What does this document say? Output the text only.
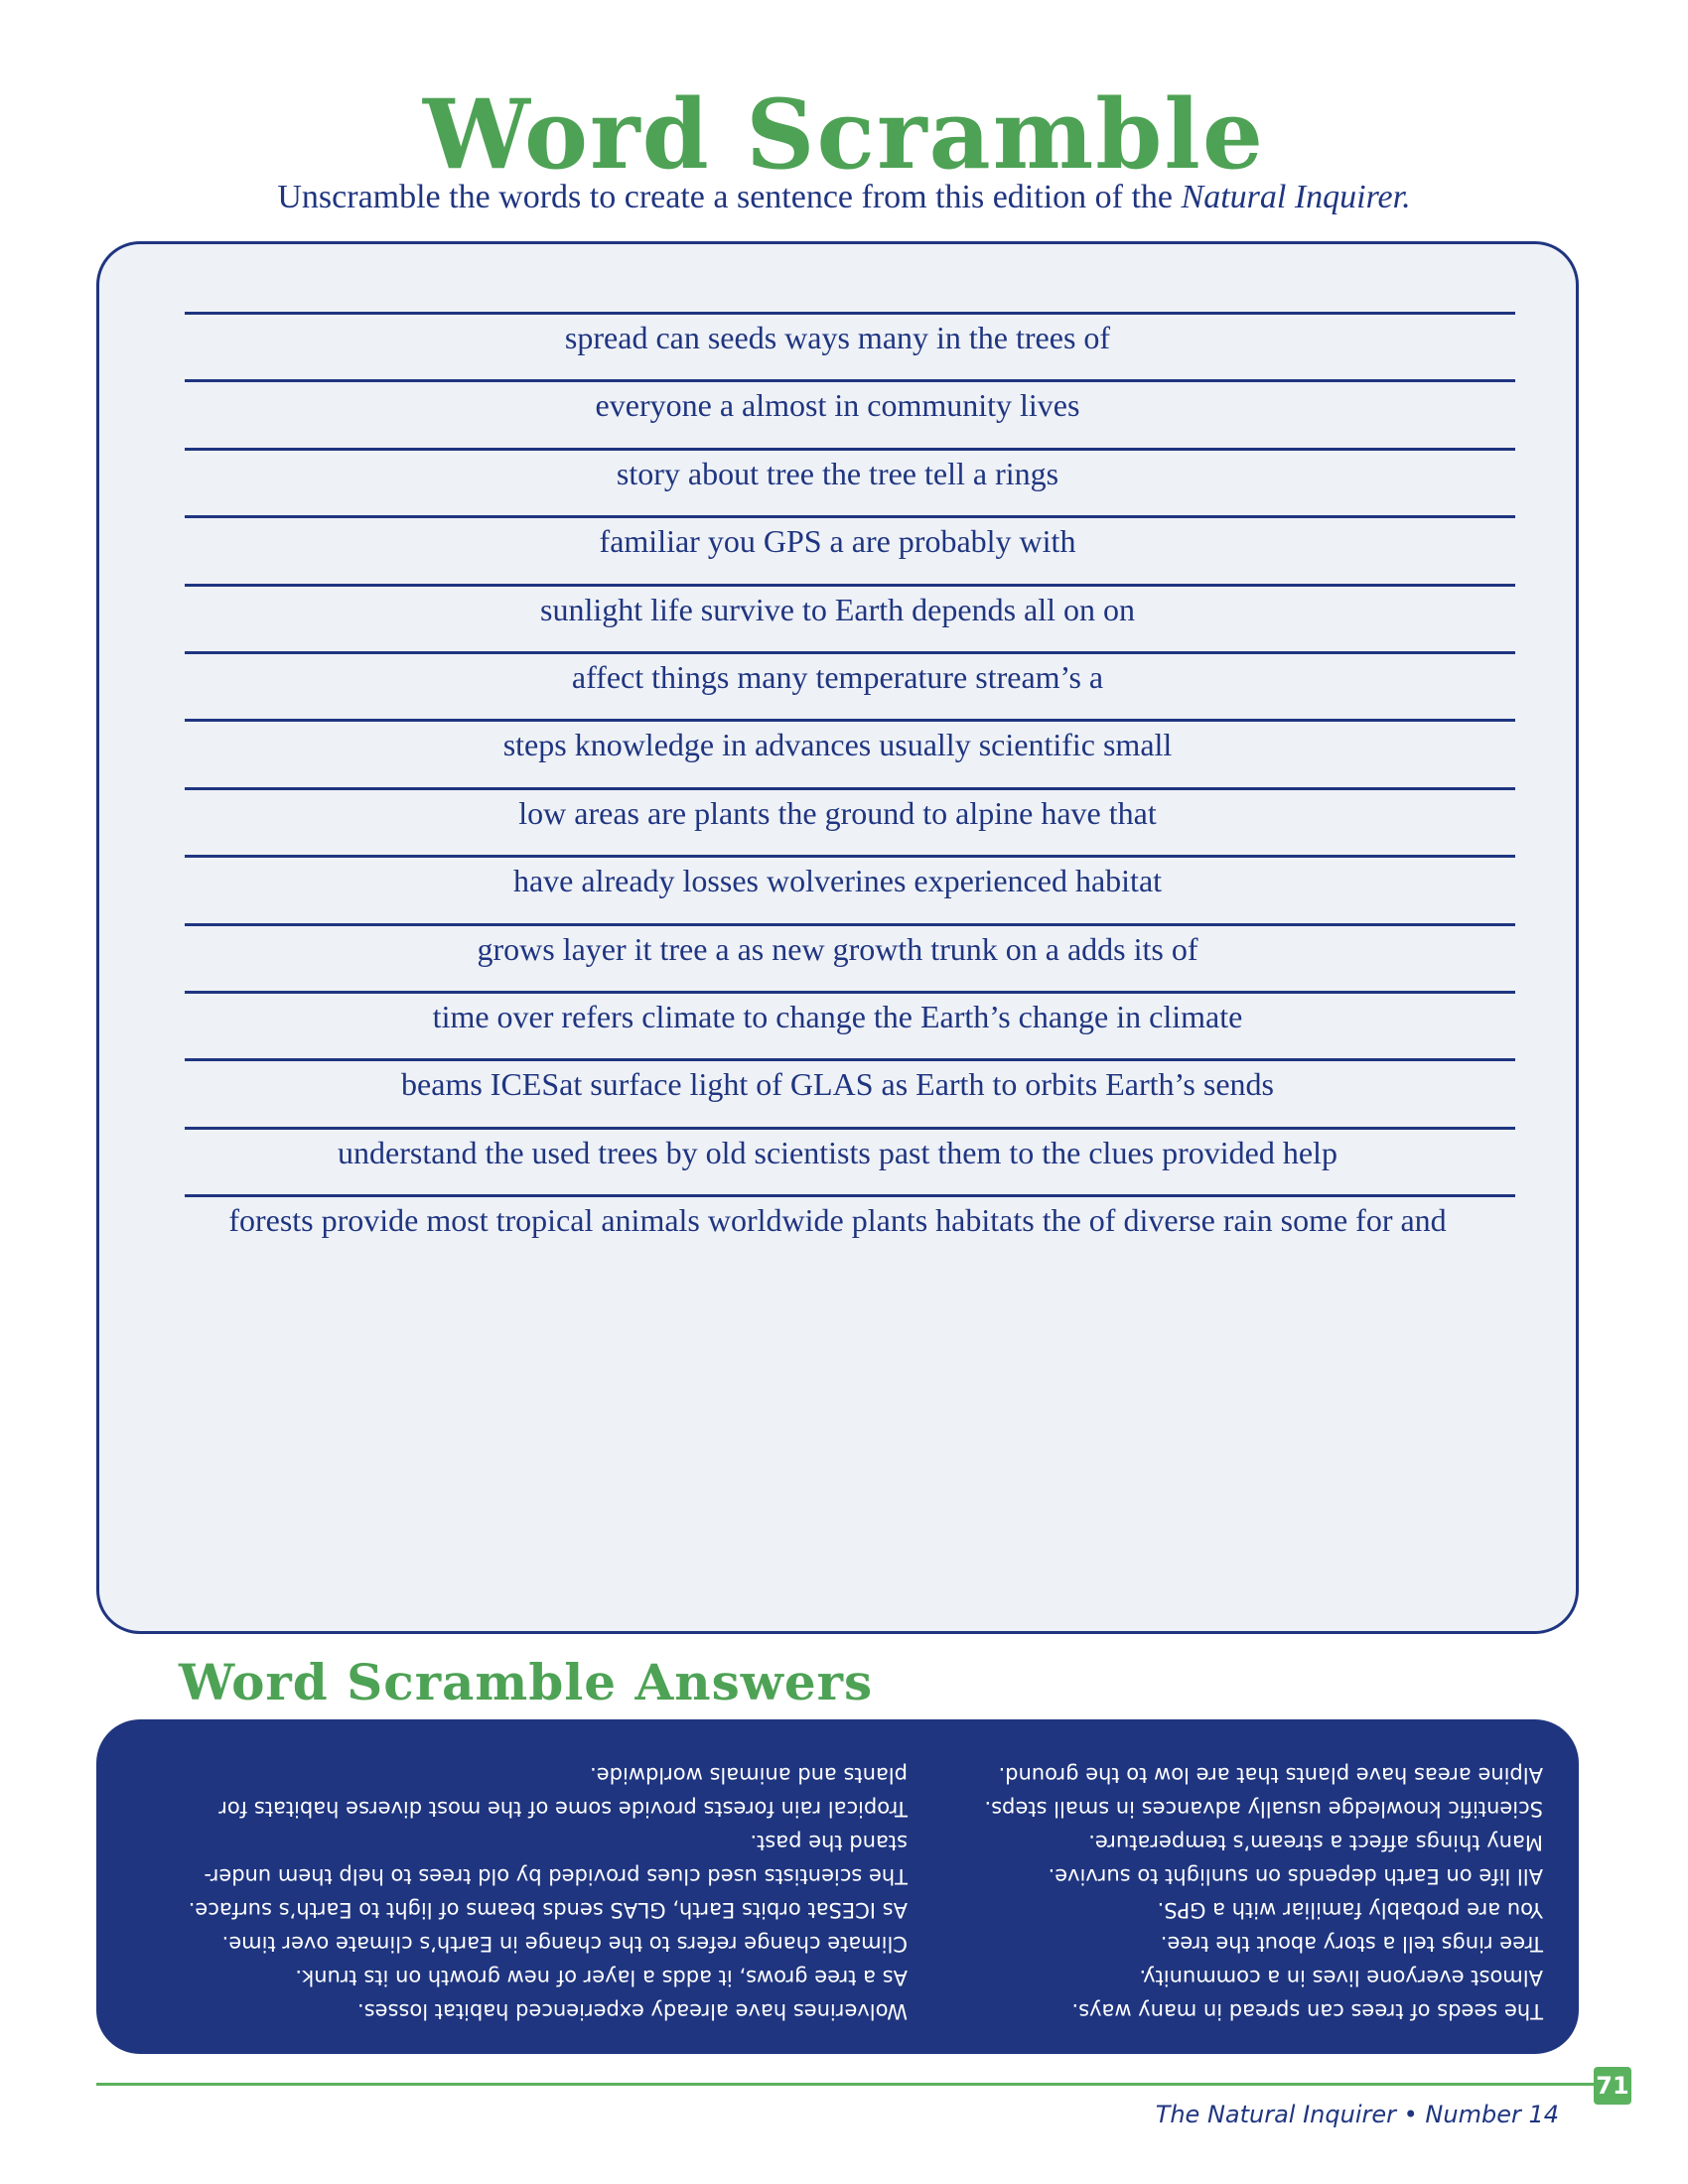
Word Scramble

Unscramble the words to create a sentence from this edition of the Natural Inquirer.

spread can seeds ways many in the trees of
everyone a almost in community lives
story about tree the tree tell a rings
familiar you GPS a are probably with
sunlight life survive to Earth depends all on on
affect things many temperature stream’s a
steps knowledge in advances usually scientific small
low areas are plants the ground to alpine have that
have already losses wolverines experienced habitat
grows layer it tree a as new growth trunk on a adds its of
time over refers climate to change the Earth’s change in climate
beams ICESat surface light of GLAS as Earth to orbits Earth’s sends
understand the used trees by old scientists past them to the clues provided help
forests provide most tropical animals worldwide plants habitats the of diverse rain some for and
Word Scramble Answers
The seeds of trees can spread in many ways.
Almost everyone lives in a community.
Tree rings tell a story about the tree.
You are probably familiar with a GPS.
All life on Earth depends on sunlight to survive.
Many things affect a stream’s temperature.
Scientific knowledge usually advances in small steps.
Alpine areas have plants that are low to the ground.
Wolverines have already experienced habitat losses.
As a tree grows, it adds a layer of new growth on its trunk.
Climate change refers to the change in Earth’s climate over time.
As ICESat orbits Earth, GLAS sends beams of light to Earth’s surface.
The scientists used clues provided by old trees to help them under-
stand the past.
Tropical rain forests provide some of the most diverse habitats for
plants and animals worldwide.
71
The Natural Inquirer • Number 14
